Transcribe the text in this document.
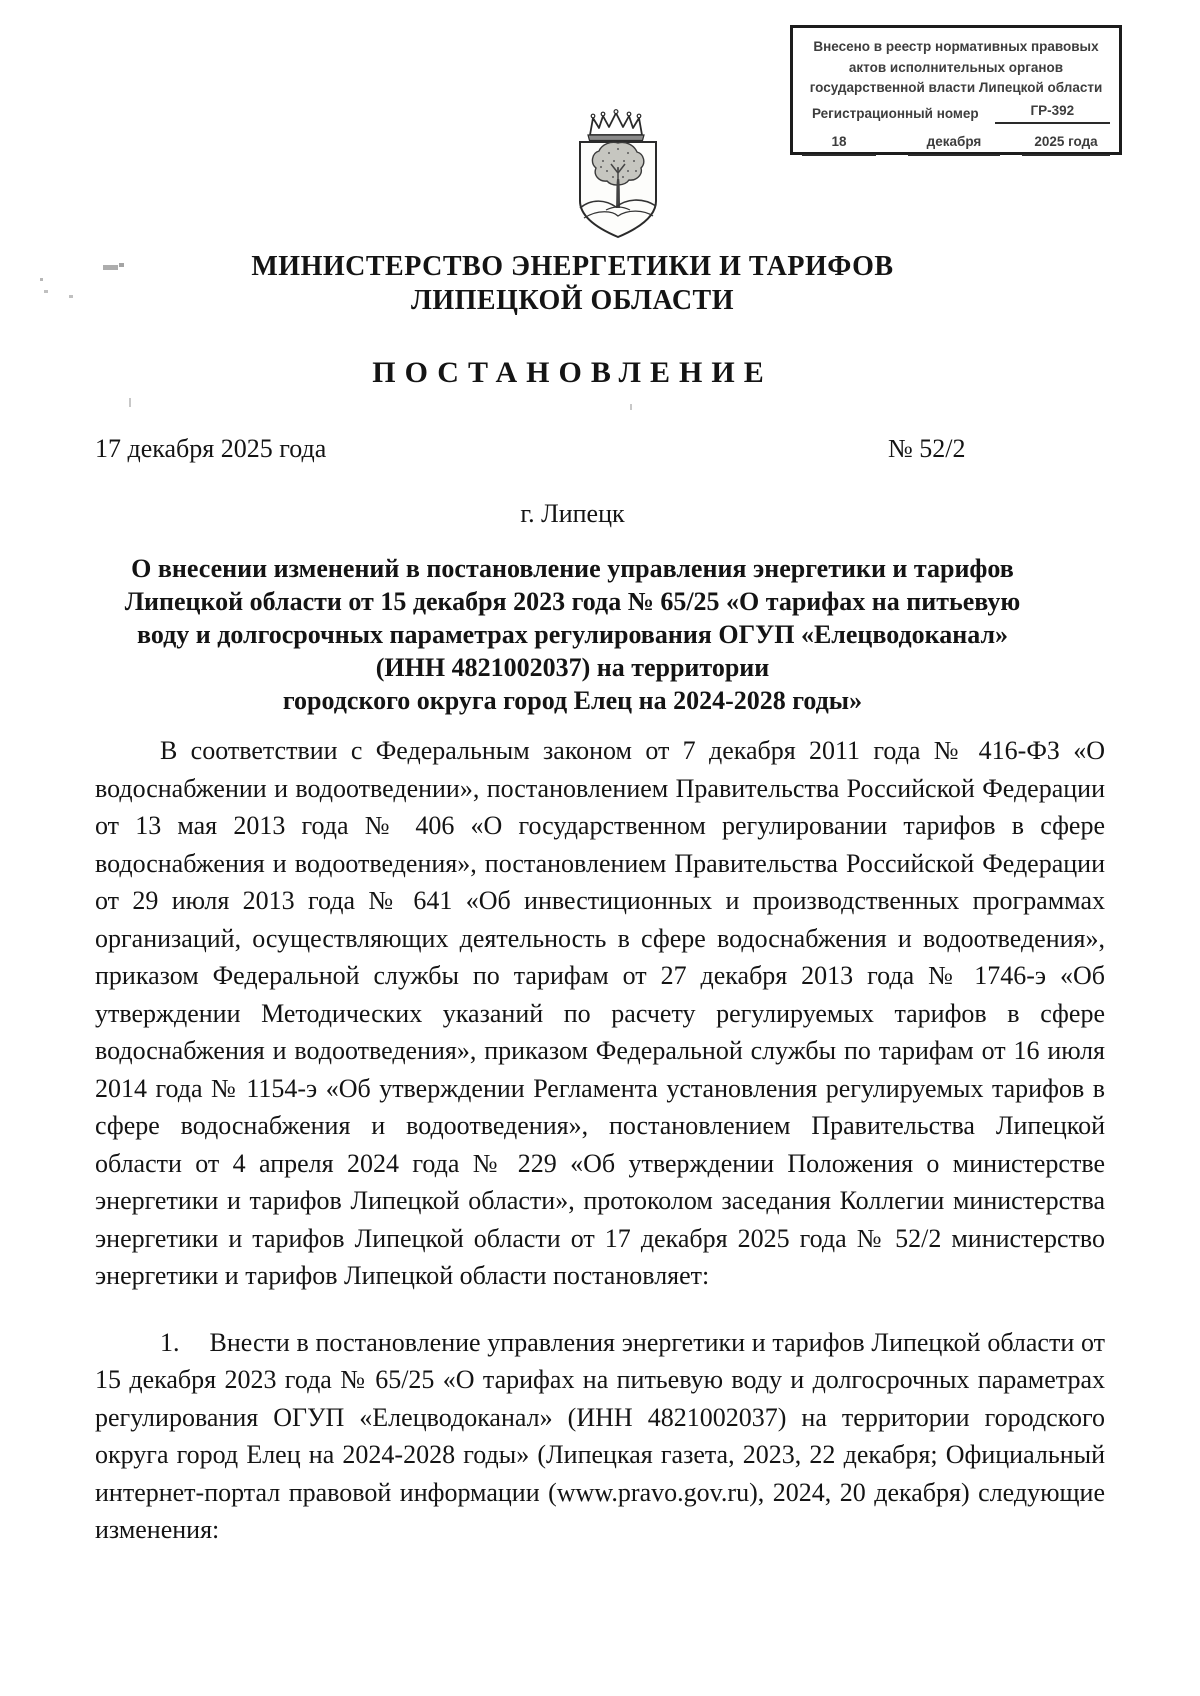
Внесено в реестр нормативных правовых
актов исполнительных органов
государственной власти Липецкой области
Регистрационный номер	ГР-392
18	декабря	2025 года
МИНИСТЕРСТВО ЭНЕРГЕТИКИ И ТАРИФОВ
ЛИПЕЦКОЙ ОБЛАСТИ
ПОСТАНОВЛЕНИЕ
17 декабря 2025 года	№ 52/2
г. Липецк
О внесении изменений в постановление управления энергетики и тарифов
Липецкой области от 15 декабря 2023 года № 65/25 «О тарифах на питьевую
воду и долгосрочных параметрах регулирования ОГУП «Елецводоканал»
(ИНН 4821002037) на территории
городского округа город Елец на 2024-2028 годы»

В соответствии с Федеральным законом от 7 декабря 2011 года № 416-ФЗ «О водоснабжении и водоотведении», постановлением Правительства Российской Федерации от 13 мая 2013 года № 406 «О государственном регулировании тарифов в сфере водоснабжения и водоотведения», постановлением Правительства Российской Федерации от 29 июля 2013 года № 641 «Об инвестиционных и производственных программах организаций, осуществляющих деятельность в сфере водоснабжения и водоотведения», приказом Федеральной службы по тарифам от 27 декабря 2013 года № 1746-э «Об утверждении Методических указаний по расчету регулируемых тарифов в сфере водоснабжения и водоотведения», приказом Федеральной службы по тарифам от 16 июля 2014 года № 1154-э «Об утверждении Регламента установления регулируемых тарифов в сфере водоснабжения и водоотведения», постановлением Правительства Липецкой области от 4 апреля 2024 года № 229 «Об утверждении Положения о министерстве энергетики и тарифов Липецкой области», протоколом заседания Коллегии министерства энергетики и тарифов Липецкой области от 17 декабря 2025 года № 52/2 министерство энергетики и тарифов Липецкой области постановляет:

1. Внести в постановление управления энергетики и тарифов Липецкой области от 15 декабря 2023 года № 65/25 «О тарифах на питьевую воду и долгосрочных параметрах регулирования ОГУП «Елецводоканал» (ИНН 4821002037) на территории городского округа город Елец на 2024-2028 годы» (Липецкая газета, 2023, 22 декабря; Официальный интернет-портал правовой информации (www.pravo.gov.ru), 2024, 20 декабря) следующие изменения:
